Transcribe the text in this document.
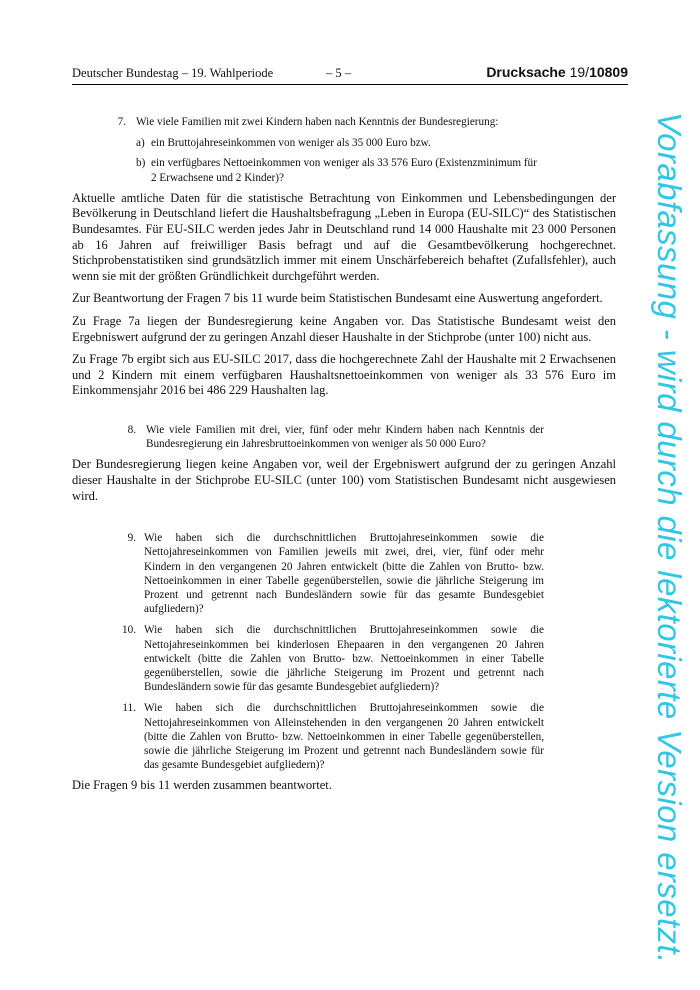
Deutscher Bundestag – 19. Wahlperiode	– 5 –	Drucksache 19/10809
Vorabfassung - wird durch die lektorierte Version ersetzt.
7. Wie viele Familien mit zwei Kindern haben nach Kenntnis der Bundesregierung:
a) ein Bruttojahreseinkommen von weniger als 35 000 Euro bzw.
b) ein verfügbares Nettoeinkommen von weniger als 33 576 Euro (Existenzminimum für 2 Erwachsene und 2 Kinder)?

Aktuelle amtliche Daten für die statistische Betrachtung von Einkommen und Lebensbedingungen der Bevölkerung in Deutschland liefert die Haushaltsbefragung „Leben in Europa (EU-SILC)“ des Statistischen Bundesamtes. Für EU-SILC werden jedes Jahr in Deutschland rund 14 000 Haushalte mit 23 000 Personen ab 16 Jahren auf freiwilliger Basis befragt und auf die Gesamtbevölkerung hochgerechnet. Stichprobenstatistiken sind grundsätzlich immer mit einem Unschärfebereich behaftet (Zufallsfehler), auch wenn sie mit der größten Gründlichkeit durchgeführt werden.

Zur Beantwortung der Fragen 7 bis 11 wurde beim Statistischen Bundesamt eine Auswertung angefordert.

Zu Frage 7a liegen der Bundesregierung keine Angaben vor. Das Statistische Bundesamt weist den Ergebniswert aufgrund der zu geringen Anzahl dieser Haushalte in der Stichprobe (unter 100) nicht aus.

Zu Frage 7b ergibt sich aus EU-SILC 2017, dass die hochgerechnete Zahl der Haushalte mit 2 Erwachsenen und 2 Kindern mit einem verfügbaren Haushaltsnettoeinkommen von weniger als 33 576 Euro im Einkommensjahr 2016 bei 486 229 Haushalten lag.

8. Wie viele Familien mit drei, vier, fünf oder mehr Kindern haben nach Kenntnis der Bundesregierung ein Jahresbruttoeinkommen von weniger als 50 000 Euro?

Der Bundesregierung liegen keine Angaben vor, weil der Ergebniswert aufgrund der zu geringen Anzahl dieser Haushalte in der Stichprobe EU-SILC (unter 100) vom Statistischen Bundesamt nicht ausgewiesen wird.

9. Wie haben sich die durchschnittlichen Bruttojahreseinkommen sowie die Nettojahreseinkommen von Familien jeweils mit zwei, drei, vier, fünf oder mehr Kindern in den vergangenen 20 Jahren entwickelt (bitte die Zahlen von Brutto- bzw. Nettoeinkommen in einer Tabelle gegenüberstellen, sowie die jährliche Steigerung im Prozent und getrennt nach Bundesländern sowie für das gesamte Bundesgebiet aufgliedern)?
10. Wie haben sich die durchschnittlichen Bruttojahreseinkommen sowie die Nettojahreseinkommen bei kinderlosen Ehepaaren in den vergangenen 20 Jahren entwickelt (bitte die Zahlen von Brutto- bzw. Nettoeinkommen in einer Tabelle gegenüberstellen, sowie die jährliche Steigerung im Prozent und getrennt nach Bundesländern sowie für das gesamte Bundesgebiet aufgliedern)?
11. Wie haben sich die durchschnittlichen Bruttojahreseinkommen sowie die Nettojahreseinkommen von Alleinstehenden in den vergangenen 20 Jahren entwickelt (bitte die Zahlen von Brutto- bzw. Nettoeinkommen in einer Tabelle gegenüberstellen, sowie die jährliche Steigerung im Prozent und getrennt nach Bundesländern sowie für das gesamte Bundesgebiet aufgliedern)?

Die Fragen 9 bis 11 werden zusammen beantwortet.
